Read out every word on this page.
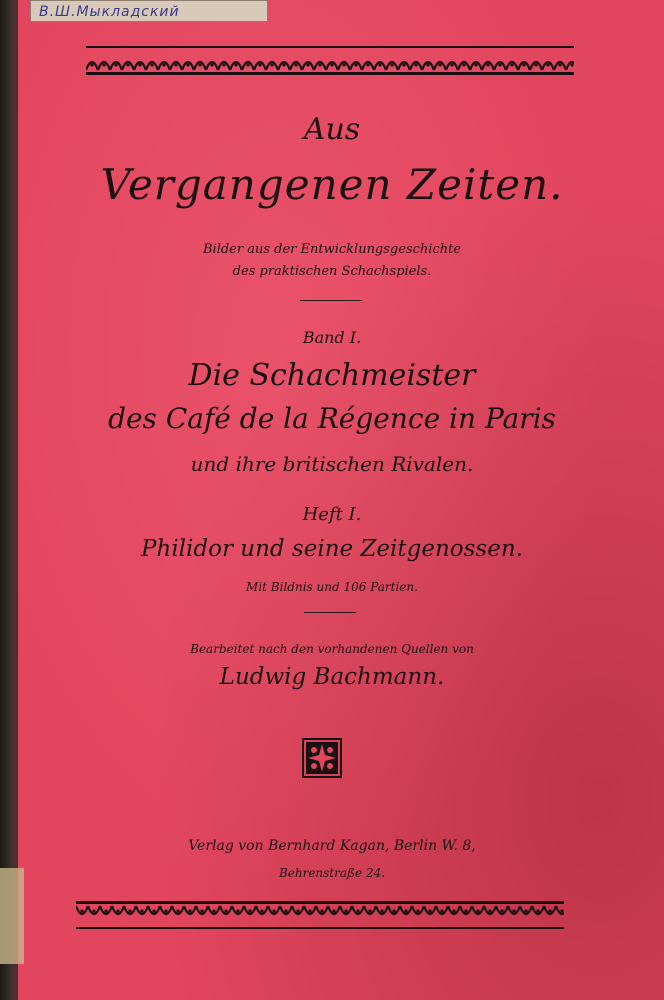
В.Ш.Мыкладский
Aus
Vergangenen Zeiten.
Bilder aus der Entwicklungsgeschichte
des praktischen Schachspiels.
Band I.
Die Schachmeister
des Café de la Régence in Paris
und ihre britischen Rivalen.
Heft I.
Philidor und seine Zeitgenossen.
Mit Bildnis und 106 Partien.
Bearbeitet nach den vorhandenen Quellen von
Ludwig Bachmann.
Verlag von Bernhard Kagan, Berlin W. 8,
Behrenstraße 24.
